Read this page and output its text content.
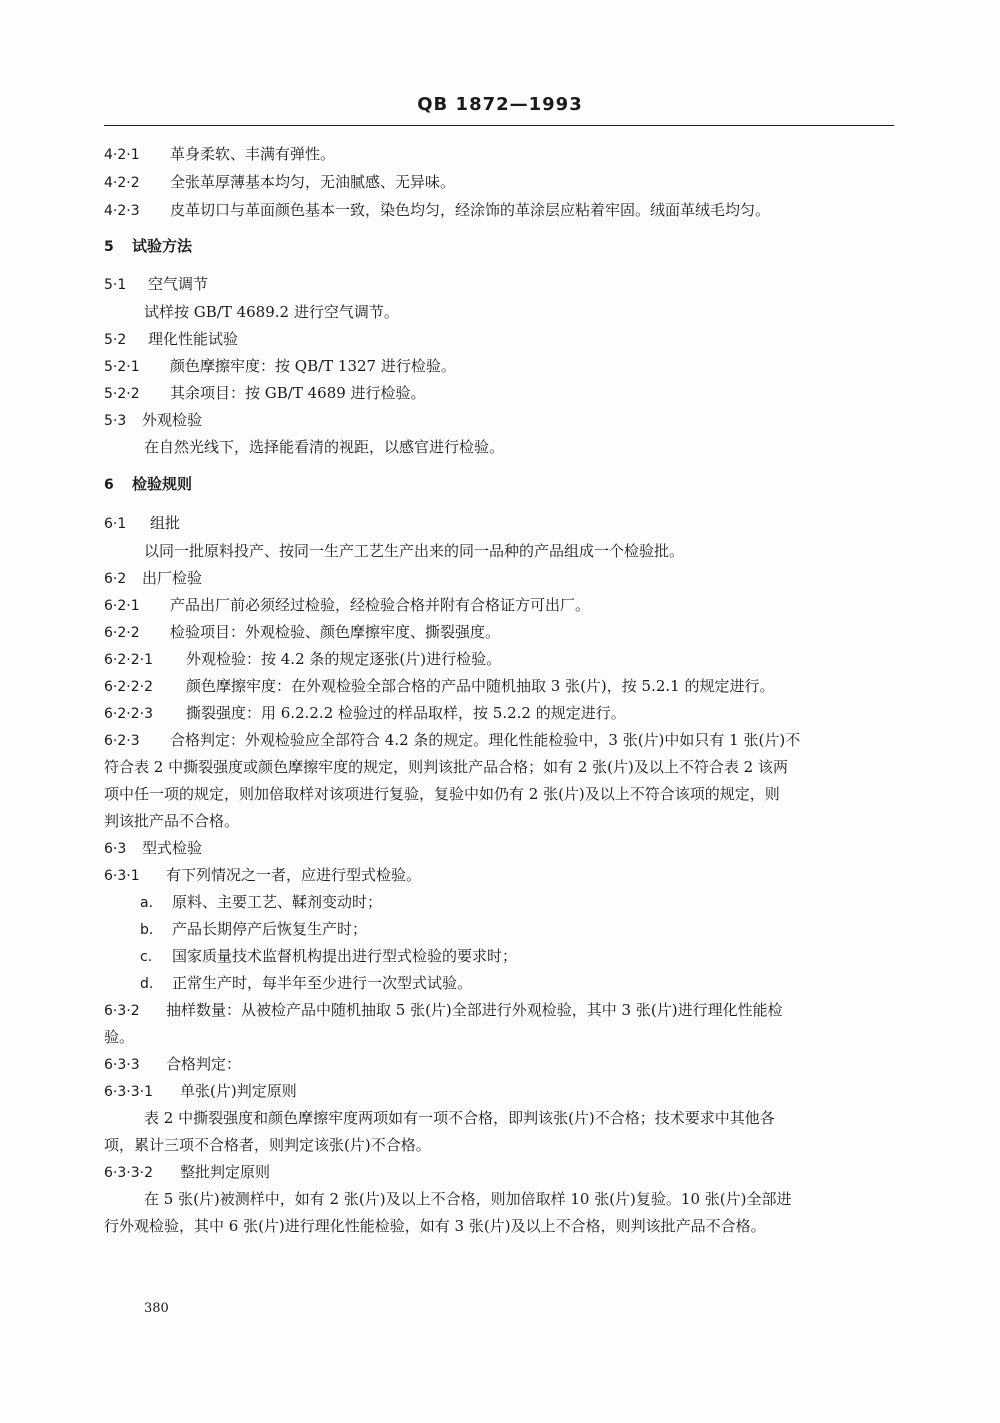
QB 1872—1993
4·2·1 革身柔软、丰满有弹性。
4·2·2 全张革厚薄基本均匀，无油腻感、无异味。
4·2·3 皮革切口与革面颜色基本一致，染色均匀，经涂饰的革涂层应粘着牢固。绒面革绒毛均匀。
5 试验方法
5·1 空气调节
试样按 GB/T 4689.2 进行空气调节。
5·2 理化性能试验
5·2·1 颜色摩擦牢度：按 QB/T 1327 进行检验。
5·2·2 其余项目：按 GB/T 4689 进行检验。
5·3 外观检验
在自然光线下，选择能看清的视距，以感官进行检验。
6 检验规则
6·1 组批
以同一批原料投产、按同一生产工艺生产出来的同一品种的产品组成一个检验批。
6·2 出厂检验
6·2·1 产品出厂前必须经过检验，经检验合格并附有合格证方可出厂。
6·2·2 检验项目：外观检验、颜色摩擦牢度、撕裂强度。
6·2·2·1 外观检验：按 4.2 条的规定逐张(片)进行检验。
6·2·2·2 颜色摩擦牢度：在外观检验全部合格的产品中随机抽取 3 张(片)，按 5.2.1 的规定进行。
6·2·2·3 撕裂强度：用 6.2.2.2 检验过的样品取样，按 5.2.2 的规定进行。
6·2·3 合格判定：外观检验应全部符合 4.2 条的规定。理化性能检验中，3 张(片)中如只有 1 张(片)不
符合表 2 中撕裂强度或颜色摩擦牢度的规定，则判该批产品合格；如有 2 张(片)及以上不符合表 2 该两
项中任一项的规定，则加倍取样对该项进行复验，复验中如仍有 2 张(片)及以上不符合该项的规定，则
判该批产品不合格。
6·3 型式检验
6·3·1 有下列情况之一者，应进行型式检验。
a. 原料、主要工艺、鞣剂变动时；
b. 产品长期停产后恢复生产时；
c. 国家质量技术监督机构提出进行型式检验的要求时；
d. 正常生产时，每半年至少进行一次型式试验。
6·3·2 抽样数量：从被检产品中随机抽取 5 张(片)全部进行外观检验，其中 3 张(片)进行理化性能检
验。
6·3·3 合格判定：
6·3·3·1 单张(片)判定原则
表 2 中撕裂强度和颜色摩擦牢度两项如有一项不合格，即判该张(片)不合格；技术要求中其他各
项，累计三项不合格者，则判定该张(片)不合格。
6·3·3·2 整批判定原则
在 5 张(片)被测样中，如有 2 张(片)及以上不合格，则加倍取样 10 张(片)复验。10 张(片)全部进
行外观检验，其中 6 张(片)进行理化性能检验，如有 3 张(片)及以上不合格，则判该批产品不合格。
380
